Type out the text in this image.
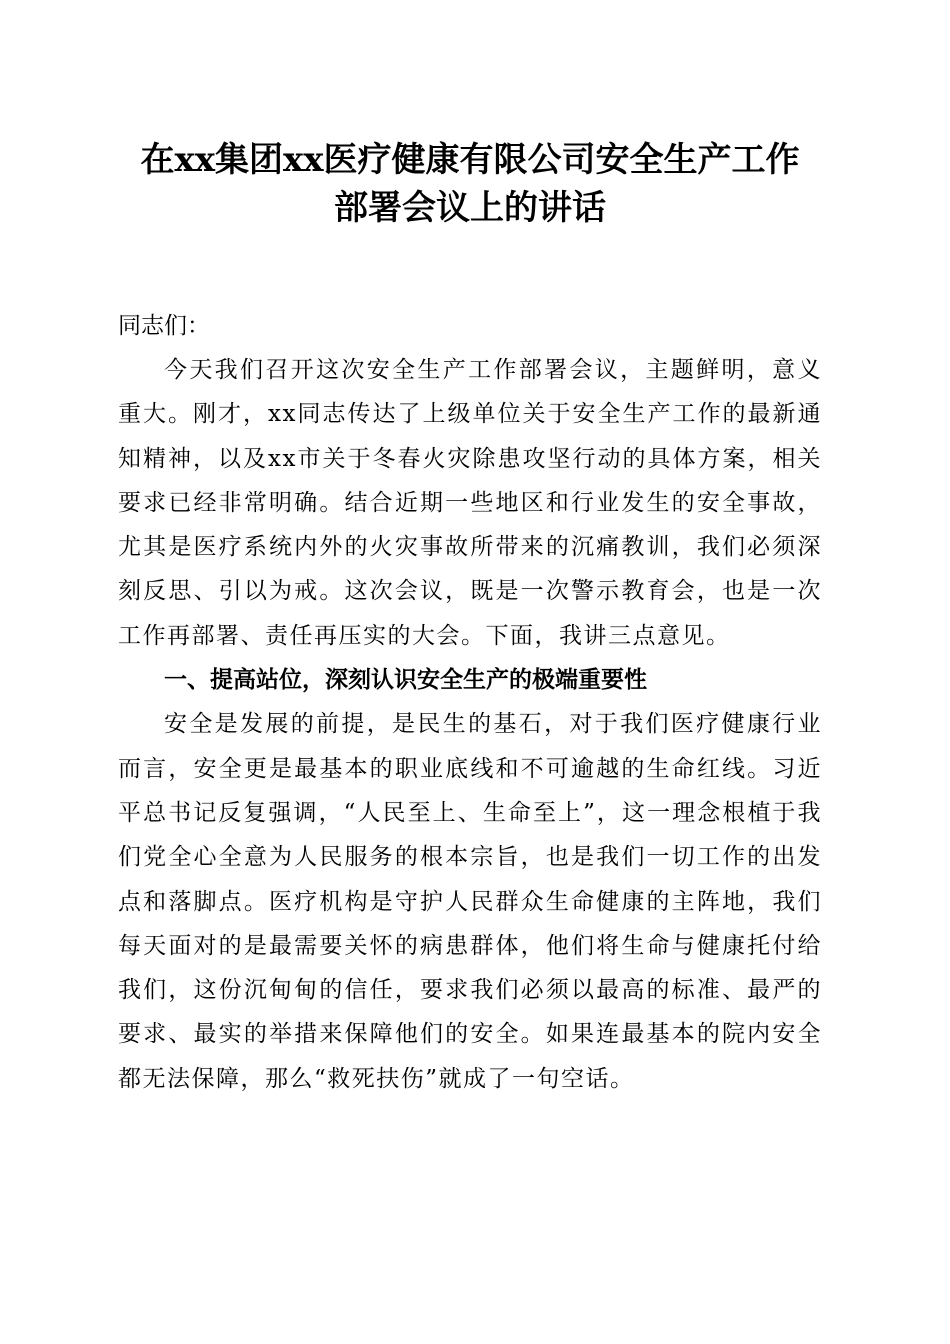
在xx集团xx医疗健康有限公司安全生产工作
部署会议上的讲话

同志们：

今天我们召开这次安全生产工作部署会议，主题鲜明，意义重大。刚才，xx同志传达了上级单位关于安全生产工作的最新通知精神，以及xx市关于冬春火灾除患攻坚行动的具体方案，相关要求已经非常明确。结合近期一些地区和行业发生的安全事故，尤其是医疗系统内外的火灾事故所带来的沉痛教训，我们必须深刻反思、引以为戒。这次会议，既是一次警示教育会，也是一次工作再部署、责任再压实的大会。下面，我讲三点意见。

一、提高站位，深刻认识安全生产的极端重要性

安全是发展的前提，是民生的基石，对于我们医疗健康行业而言，安全更是最基本的职业底线和不可逾越的生命红线。习近平总书记反复强调，“人民至上、生命至上”，这一理念根植于我们党全心全意为人民服务的根本宗旨，也是我们一切工作的出发点和落脚点。医疗机构是守护人民群众生命健康的主阵地，我们每天面对的是最需要关怀的病患群体，他们将生命与健康托付给我们，这份沉甸甸的信任，要求我们必须以最高的标准、最严的要求、最实的举措来保障他们的安全。如果连最基本的院内安全都无法保障，那么“救死扶伤”就成了一句空话。
